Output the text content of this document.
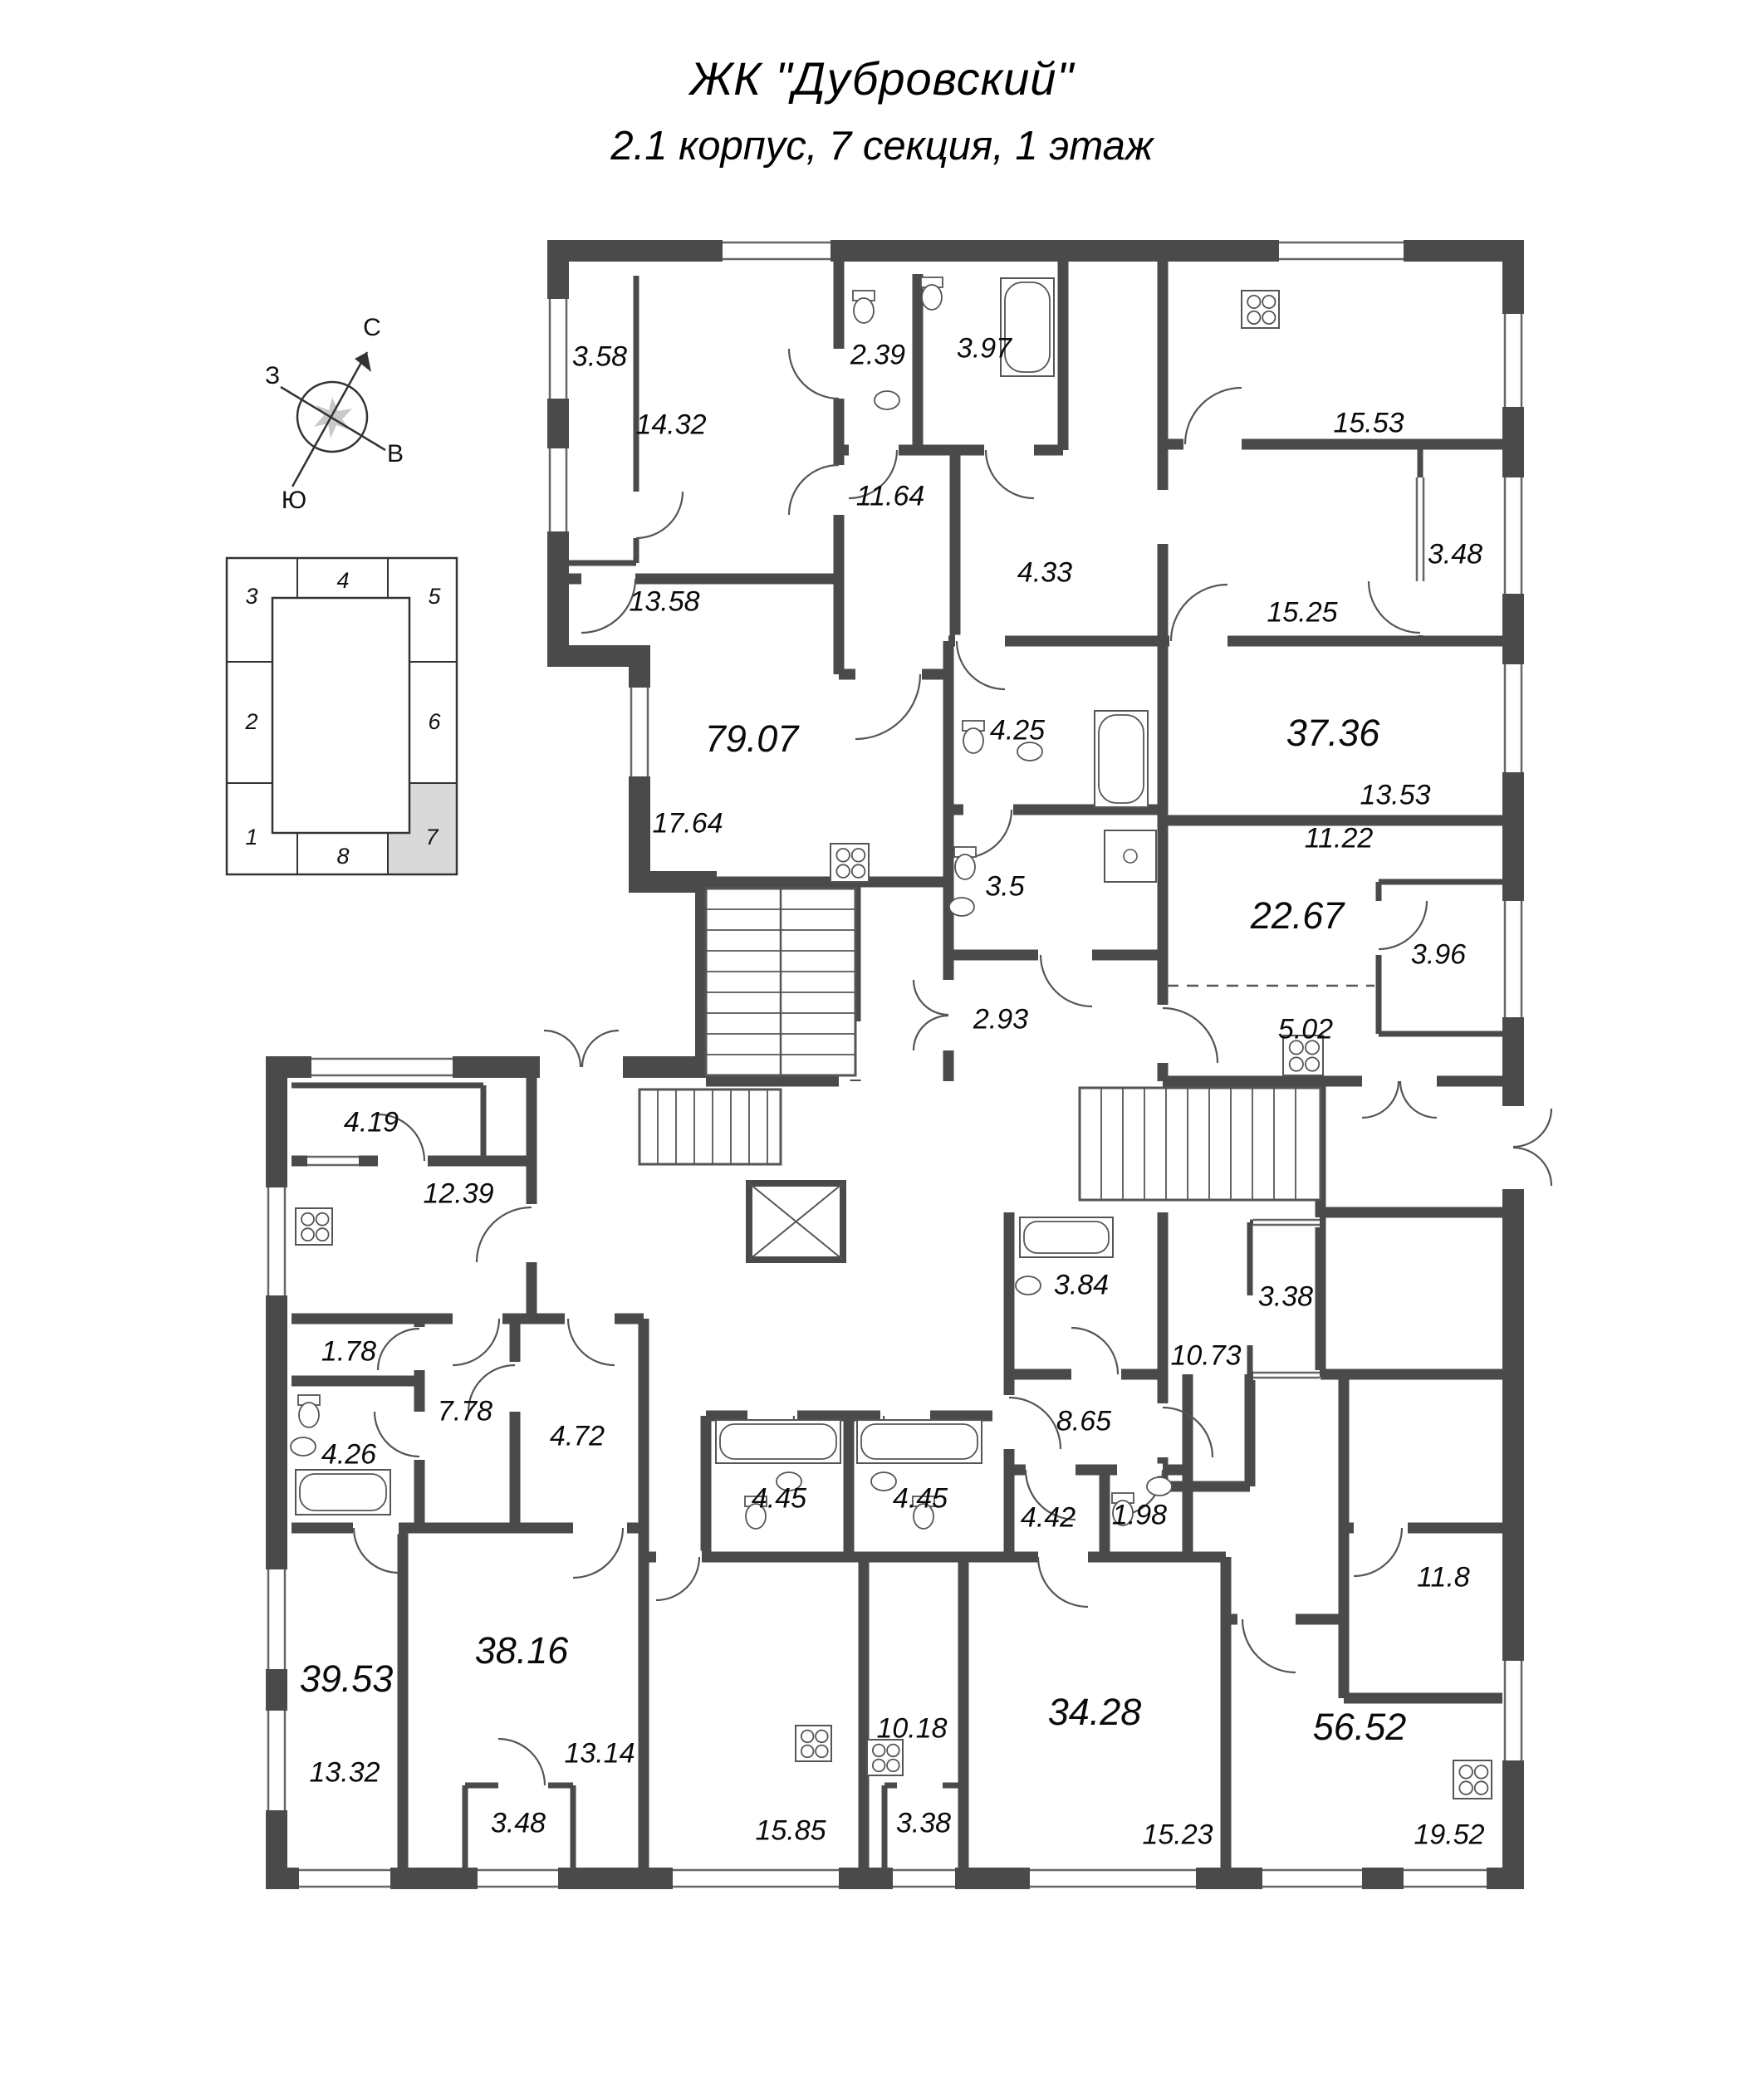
ЖК "Дубровский"
2.1 корпус, 7 секция, 1 этаж
С
З
В
Ю
3
4
5
2	6
1
8
7
3.58
14.32
2.39 3.97
15.53
11.64
13.58
3.48
4.33
15.25
79.07	4.25	37.36
13.53
17.64
3.5
11.22
22.67
3.96
2.93	5.02
4.19
12.39
1.78
7.78
4.26
4.72
4.45	4.45
3.84	3.38
10.73
8.65
4.42 1.98
11.8
39.53
38.16
13.32
13.14
3.48	15.85
10.18
3.38
34.28
15.23
56.52
19.52
